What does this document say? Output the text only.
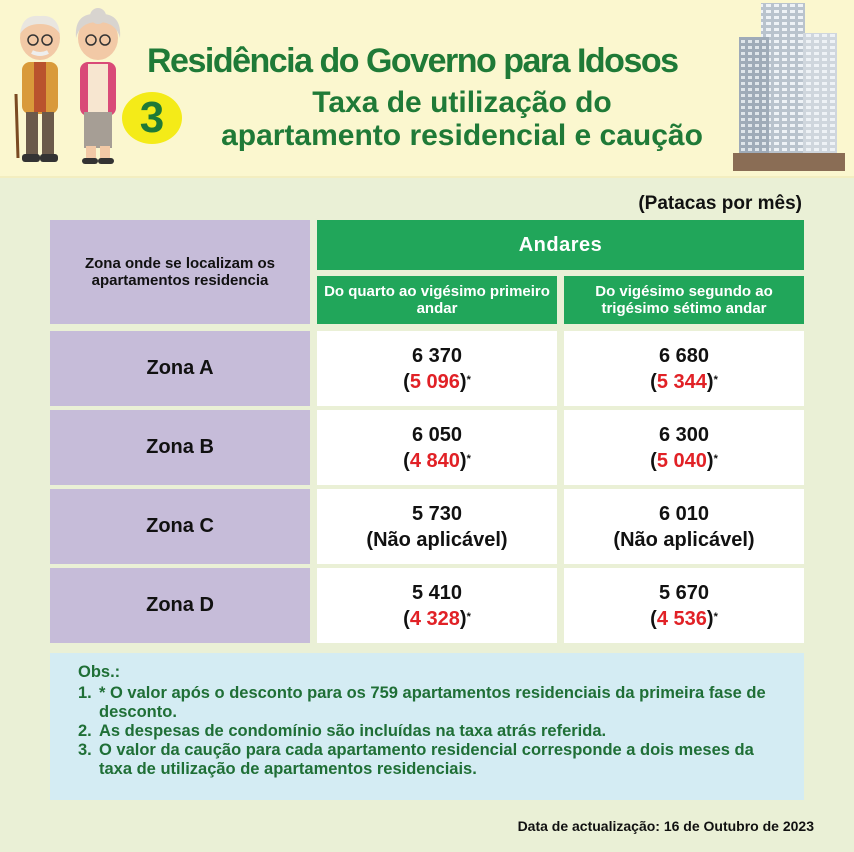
Residência do Governo para Idosos
3	Taxa de utilização do
apartamento residencial e caução
(Patacas por mês)
Zona onde se localizam os apartamentos residencia
Andares
Do quarto ao vigésimo primeiro andar
Do vigésimo segundo ao trigésimo sétimo andar
Zona A
6 370
(5 096)*
6 680
(5 344)*
Zona B
6 050
(4 840)*
6 300
(5 040)*
Zona C
5 730
(Não aplicável)
6 010
(Não aplicável)
Zona D
5 410
(4 328)*
5 670
(4 536)*
Obs.:
1. * O valor após o desconto para os 759 apartamentos residenciais da primeira fase de desconto.
2. As despesas de condomínio são incluídas na taxa atrás referida.
3. O valor da caução para cada apartamento residencial corresponde a dois meses da taxa de utilização de apartamentos residenciais.
Data de actualização: 16 de Outubro de 2023
